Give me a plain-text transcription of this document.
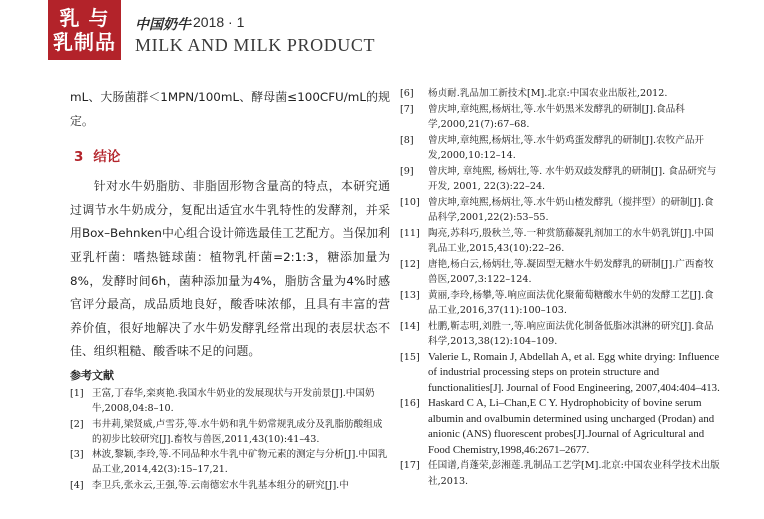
乳 与
乳制品
中国奶牛 2018 · 1
MILK AND MILK PRODUCT

mL、大肠菌群＜1MPN/100mL、酵母菌≤100CFU/mL的规定。

3 结论

针对水牛奶脂肪、非脂固形物含量高的特点，本研究通过调节水牛奶成分，复配出适宜水牛乳特性的发酵剂，并采用Box–Behnken中心组合设计筛选最佳工艺配方。当保加利亚乳杆菌：嗜热链球菌：植物乳杆菌=2:1:3，糖添加量为8%，发酵时间6h，菌种添加量为4%，脂肪含量为4%时感官评分最高，成品质地良好，酸香味浓郁，且具有丰富的营养价值，很好地解决了水牛奶发酵乳经常出现的表层状态不佳、组织粗糙、酸香味不足的问题。

参考文献
[1] 王富,丁春华,栾爽艳.我国水牛奶业的发展现状与开发前景[J].中国奶牛,2008,04:8–10.
[2] 韦井莉,梁贤威,卢雪芬,等.水牛奶和乳牛奶常规乳成分及乳脂肪酸组成的初步比较研究[J].畜牧与兽医,2011,43(10):41–43.
[3] 林波,黎颖,李玲,等.不同品种水牛乳中矿物元素的测定与分析[J].中国乳品工业,2014,42(3):15–17,21.
[4] 李卫兵,张永云,王强,等.云南德宏水牛乳基本组分的研究[J].中
[6]	杨贞耐.乳品加工新技术[M].北京:中国农业出版社,2012.
[7]	曾庆坤,章纯熙,杨炳壮,等.水牛奶黑米发酵乳的研制[J].食品科学,2000,21(7):67–68.
[8]	曾庆坤,章纯熙,杨炳壮,等.水牛奶鸡蛋发酵乳的研制[J].农牧产品开发,2000,10:12–14.
[9]	曾庆坤, 章纯熙, 杨炳壮,等. 水牛奶双歧发酵乳的研制[J]. 食品研究与开发, 2001, 22(3):22–24.
[10] 曾庆坤,章纯熙,杨炳壮,等.水牛奶山楂发酵乳（搅拌型）的研制[J].食品科学,2001,22(2):53–55.
[11] 陶亮,苏科巧,殷秋兰,等.一种赏筋藤凝乳剂加工的水牛奶乳饼[J].中国乳品工业,2015,43(10):22–26.
[12] 唐艳,杨白云,杨炳壮,等.凝固型无糖水牛奶发酵乳的研制[J].广西畜牧兽医,2007,3:122–124.
[13] 黄丽,李玲,杨攀,等.响应面法优化聚葡萄糖酸水牛奶的发酵工艺[J].食品工业,2016,37(11):100–103.
[14] 杜鹏,靳志明,刘胜一,等.响应面法优化制备低脂冰淇淋的研究[J].食品科学,2013,38(12):104–109.
[15] Valerie L, Romain J, Abdellah A, et al. Egg white drying: Influence of industrial processing steps on protein structure and functionalities[J]. Journal of Food Engineering, 2007,404:404–413.
[16] Haskard C A, Li–Chan,E C Y. Hydrophobicity of bovine serum albumin and ovalbumin determined using uncharged (Prodan) and anionic (ANS) fluorescent probes[J].Journal of Agricultural and Food Chemistry,1998,46:2671–2677.
[17] 任国谱,肖蓬荣,彭湘莲.乳制品工艺学[M].北京:中国农业科学技术出版社,2013.
